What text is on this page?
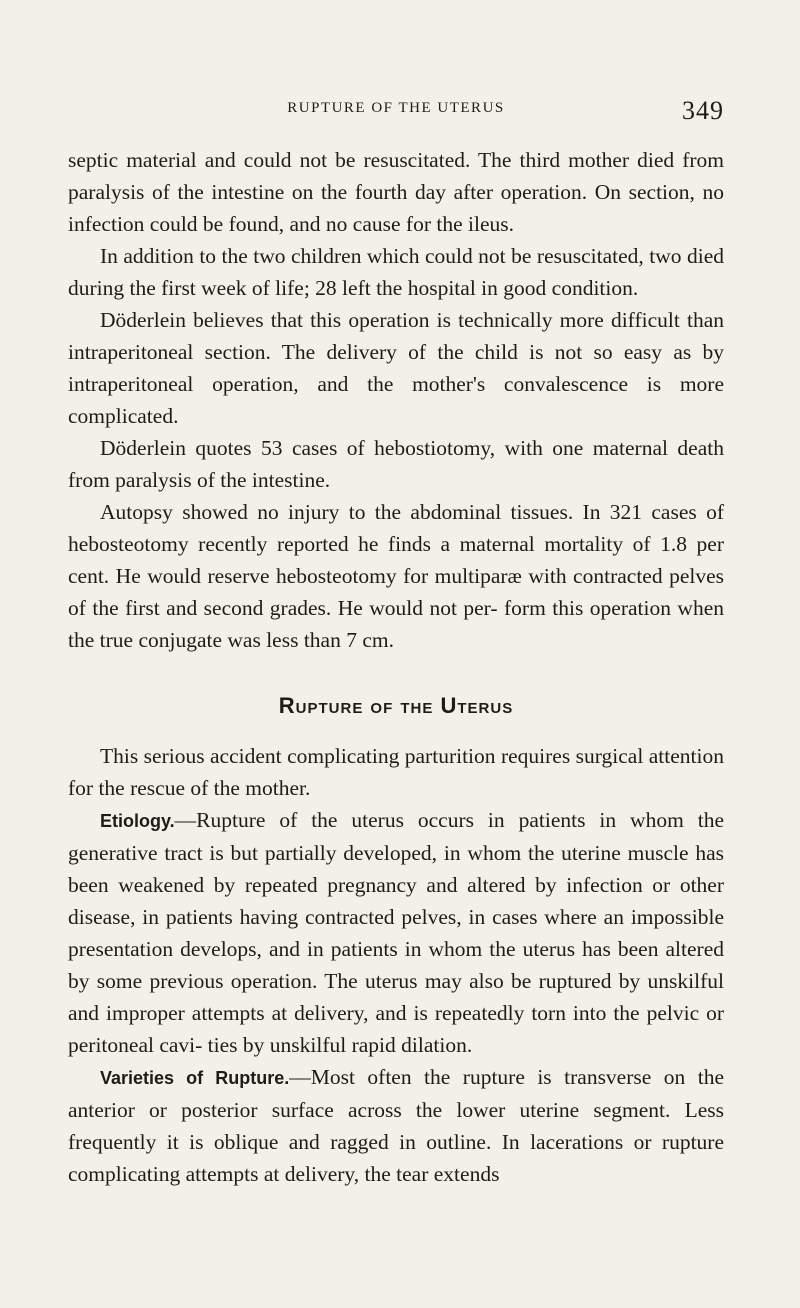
RUPTURE OF THE UTERUS	349

septic material and could not be resuscitated. The third mother died from paralysis of the intestine on the fourth day after operation. On section, no infection could be found, and no cause for the ileus.

In addition to the two children which could not be resuscitated, two died during the first week of life; 28 left the hospital in good condition.

Döderlein believes that this operation is technically more difficult than intraperitoneal section. The delivery of the child is not so easy as by intraperitoneal operation, and the mother's convalescence is more complicated.

Döderlein quotes 53 cases of hebostiotomy, with one maternal death from paralysis of the intestine.

Autopsy showed no injury to the abdominal tissues. In 321 cases of hebosteotomy recently reported he finds a maternal mortality of 1.8 per cent. He would reserve hebosteotomy for multiparæ with contracted pelves of the first and second grades. He would not per- form this operation when the true conjugate was less than 7 cm.

Rupture of the Uterus

This serious accident complicating parturition requires surgical attention for the rescue of the mother.

Etiology.—Rupture of the uterus occurs in patients in whom the generative tract is but partially developed, in whom the uterine muscle has been weakened by repeated pregnancy and altered by infection or other disease, in patients having contracted pelves, in cases where an impossible presentation develops, and in patients in whom the uterus has been altered by some previous operation. The uterus may also be ruptured by unskilful and improper attempts at delivery, and is repeatedly torn into the pelvic or peritoneal cavi- ties by unskilful rapid dilation.

Varieties of Rupture.—Most often the rupture is transverse on the anterior or posterior surface across the lower uterine segment. Less frequently it is oblique and ragged in outline. In lacerations or rupture complicating attempts at delivery, the tear extends
